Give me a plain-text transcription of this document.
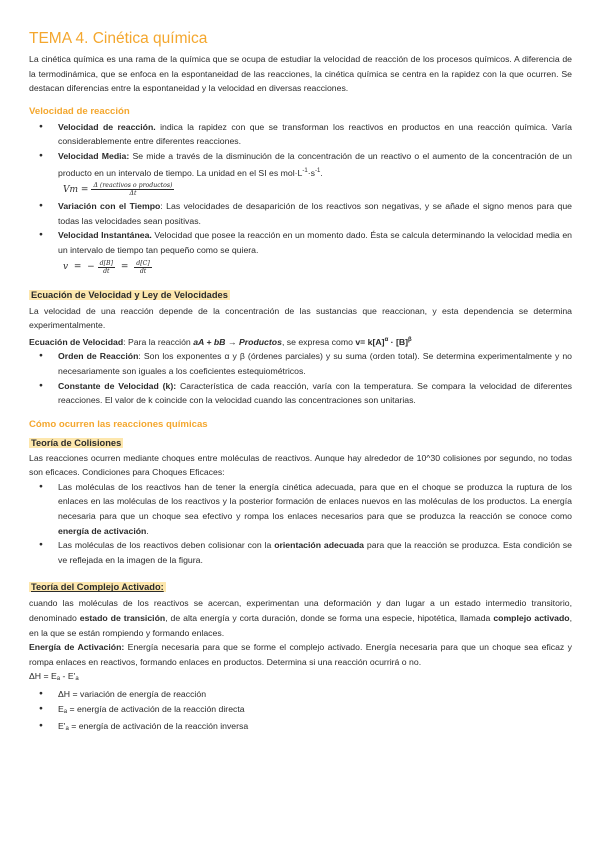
TEMA 4. Cinética química

La cinética química es una rama de la química que se ocupa de estudiar la velocidad de reacción de los procesos químicos. A diferencia de la termodinámica, que se enfoca en la espontaneidad de las reacciones, la cinética química se centra en la rapidez con la que ocurren. Se destacan diferencias entre la espontaneidad y la velocidad en diversas reacciones.

Velocidad de reacción
● Velocidad de reacción. indica la rapidez con que se transforman los reactivos en productos en una reacción química. Varía considerablemente entre diferentes reacciones.
● Velocidad Media: Se mide a través de la disminución de la concentración de un reactivo o el aumento de la concentración de un producto en un intervalo de tiempo. La unidad en el SI es $mol\cdot L^{-1}\cdot s^{-1}$.
Vm
= $\frac{\text{Δ (reactivos o productos)}}{\Delta t}$
● Variación con el Tiempo: Las velocidades de desaparición de los reactivos son negativas, y se añade el signo menos para que todas las velocidades sean positivas.
● Velocidad Instantánea. Velocidad que posee la reacción en un momento dado. Ésta se calcula determinando la velocidad media en un intervalo de tiempo tan pequeño como se quiera.
v
=
− $\frac{d[B]}{dt}$
=
$\frac{d[C]}{dt}$
Ecuación de Velocidad y Ley de Velocidades

La velocidad de una reacción depende de la concentración de las sustancias que reaccionan, y esta dependencia se determina experimentalmente.

Ecuación de Velocidad: Para la reacción aA + bB → Productos, se expresa como $v= k[A]^\alpha \cdot [B]^\beta$

● Orden de Reacción: Son los exponentes α y β (órdenes parciales) y su suma (orden total). Se determina experimentalmente y no necesariamente son iguales a los coeficientes estequiométricos.
● Constante de Velocidad (k): Característica de cada reacción, varía con la temperatura. Se compara la velocidad de diferentes reacciones. El valor de k coincide con la velocidad cuando las concentraciones son unitarias.
Cómo ocurren las reacciones químicas
Teoría de Colisiones

Las reacciones ocurren mediante choques entre moléculas de reactivos. Aunque hay alrededor de 10^30 colisiones por segundo, no todas son eficaces. Condiciones para Choques Eficaces:

● Las moléculas de los reactivos han de tener la energía cinética adecuada, para que en el choque se produzca la ruptura de los enlaces en las moléculas de los reactivos y la posterior formación de enlaces nuevos en las moléculas de los productos. La energía necesaria para que un choque sea efectivo y rompa los enlaces necesarios para que se produzca la reacción se conoce como energía de activación.
● Las moléculas de los reactivos deben colisionar con la orientación adecuada para que la reacción se produzca. Esta condición se ve reflejada en la imagen de la figura.
Teoría del Complejo Activado:

cuando las moléculas de los reactivos se acercan, experimentan una deformación y dan lugar a un estado intermedio transitorio, denominado estado de transición, de alta energía y corta duración, donde se forma una especie, hipotética, llamada complejo activado, en la que se están rompiendo y formando enlaces.

Energía de Activación: Energía necesaria para que se forme el complejo activado. Energía necesaria para que un choque sea eficaz y rompa enlaces en reactivos, formando enlaces en productos. Determina si una reacción ocurrirá o no.

ΔH = Ea - E'a

● ΔH = variación de energía de reacción
● Ea = energía de activación de la reacción directa
● E'a = energía de activación de la reacción inversa
